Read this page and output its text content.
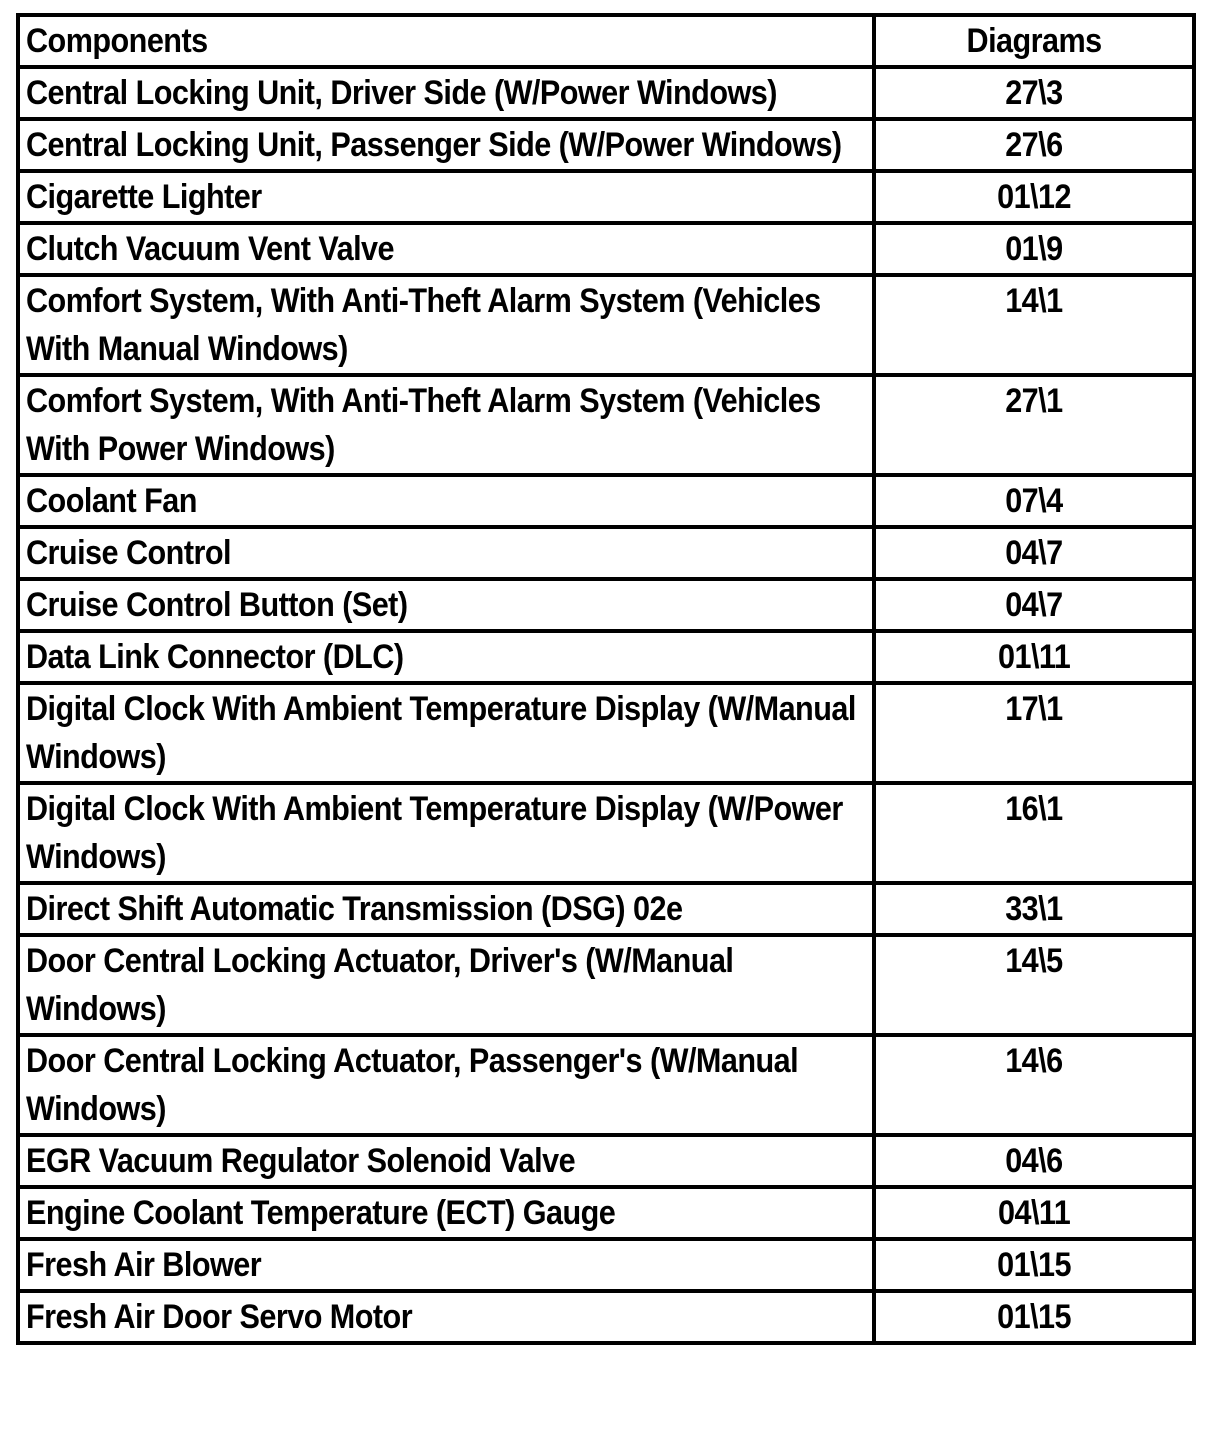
Components	Diagrams
Central Locking Unit, Driver Side (W/Power Windows)	27\3
Central Locking Unit, Passenger Side (W/Power Windows)	27\6
Cigarette Lighter	01\12
Clutch Vacuum Vent Valve	01\9
Comfort System, With Anti-Theft Alarm System (Vehicles With Manual Windows)	14\1
Comfort System, With Anti-Theft Alarm System (Vehicles With Power Windows)	27\1
Coolant Fan	07\4
Cruise Control	04\7
Cruise Control Button (Set)	04\7
Data Link Connector (DLC)	01\11
Digital Clock With Ambient Temperature Display (W/Manual Windows)	17\1
Digital Clock With Ambient Temperature Display (W/Power Windows)	16\1
Direct Shift Automatic Transmission (DSG) 02e	33\1
Door Central Locking Actuator, Driver's (W/Manual Windows)	14\5
Door Central Locking Actuator, Passenger's (W/Manual Windows)	14\6
EGR Vacuum Regulator Solenoid Valve	04\6
Engine Coolant Temperature (ECT) Gauge	04\11
Fresh Air Blower	01\15
Fresh Air Door Servo Motor	01\15
